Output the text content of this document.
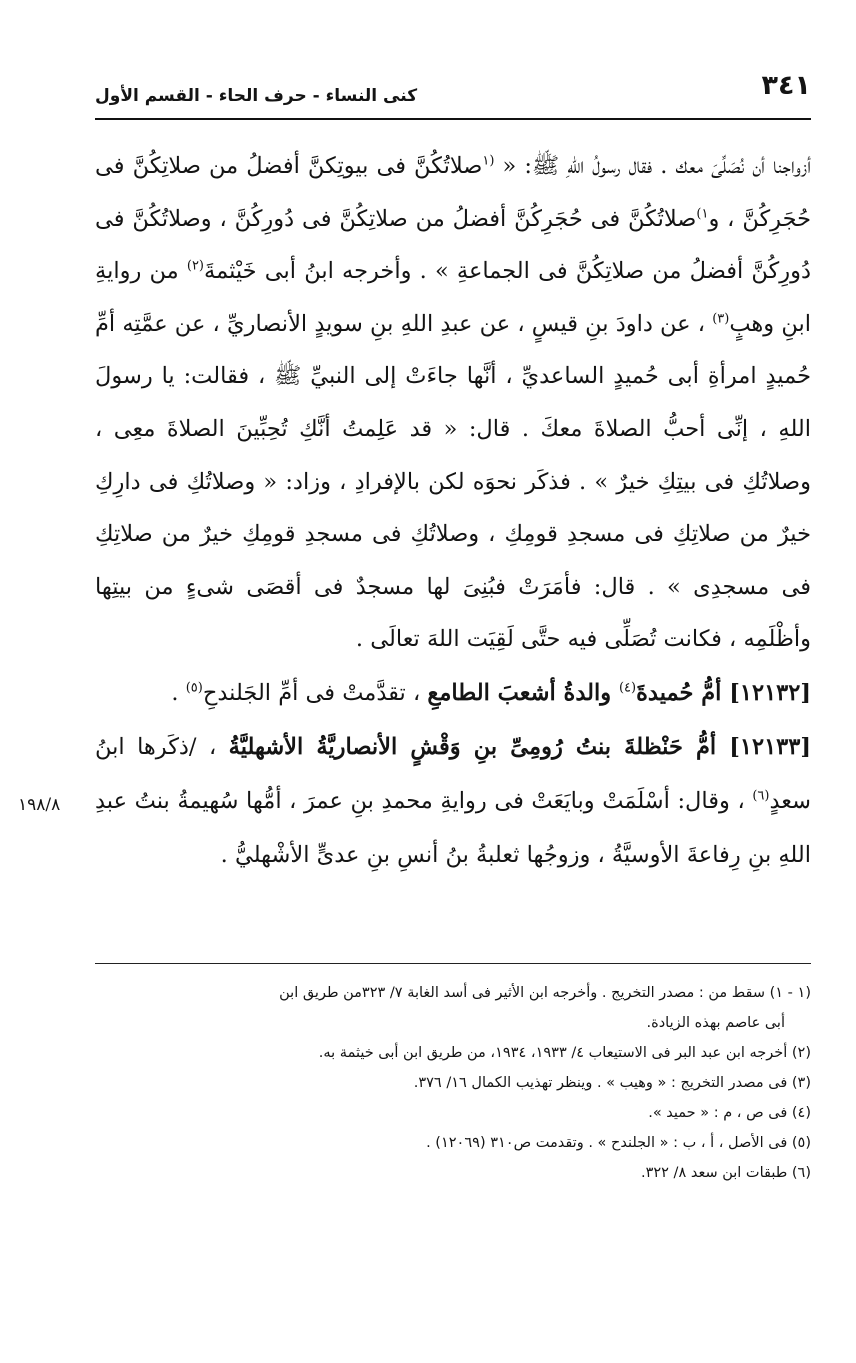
٣٤١
كنى النساء - حرف الحاء - القسم الأول

أزواجنا أن نُصَلِّىَ معك . فقال رسولُ اللهِ ﷺ: « $^{(١}$صلاتُكُنَّ فى بيوتِكنَّ أفضلُ من صلاتِكُنَّ فى حُجَرِكُنَّ ، و$^{١)}$صلاتُكُنَّ فى حُجَرِكُنَّ أفضلُ من صلاتِكُنَّ فى دُورِكُنَّ ، وصلاتُكُنَّ فى دُورِكُنَّ أفضلُ من صلاتِكُنَّ فى الجماعةِ » . وأخرجه ابنُ أبى خَيْثمةَ$^{(٢)}$ من روايةِ ابنِ وهبٍ$^{(٣)}$ ، عن داودَ بنِ قيسٍ ، عن عبدِ اللهِ بنِ سويدٍ الأنصاريِّ ، عن عمَّتِه أمِّ حُميدٍ امرأةِ أبى حُميدٍ الساعديِّ ، أنَّها جاءَتْ إلى النبيِّ ﷺ ، فقالت: يا رسولَ اللهِ ، إنِّى أحبُّ الصلاةَ معكَ . قال: « قد عَلِمتُ أنَّكِ تُحِبِّينَ الصلاةَ معِى ، وصلاتُكِ فى بيتِكِ خيرٌ » . فذكَر نحوَه لكن بالإفرادِ ، وزاد: « وصلاتُكِ فى دارِكِ خيرٌ من صلاتِكِ فى مسجدِ قومِكِ ، وصلاتُكِ فى مسجدِ قومِكِ خيرٌ من صلاتِكِ فى مسجدِى » . قال: فأمَرَتْ فبُنِىَ لها مسجدٌ فى أقصَى شىءٍ من بيتِها وأظْلَمِه ، فكانت تُصَلِّى فيه حتَّى لَقِيَت اللهَ تعالَى .

[١٢١٣٢] أمُّ حُميدةَ$^{(٤)}$ والدةُ أشعبَ الطامعِ ، تقدَّمتْ فى أمِّ الجَلندحِ$^{(٥)}$ .

[١٢١٣٣] أمُّ حَنْظلةَ بنتُ رُومِىِّ بنِ وَقْشٍ الأنصاريَّةُ الأشهليَّةُ ، /ذكَرها ابنُ سعدٍ$^{(٦)}$ ، وقال: أسْلَمَتْ وبايَعَتْ فى روايةِ محمدِ بنِ عمرَ ، أمُّها سُهيمةُ بنتُ عبدِ اللهِ بنِ رِفاعةَ الأوسيَّةُ ، وزوجُها ثعلبةُ بنُ أنسِ بنِ عدىٍّ الأشْهليُّ .

١٩٨/٨

(١ - ١) سقط من : مصدر التخريج . وأخرجه ابن الأثير فى أسد الغابة ٧/ ٣٢٣من طريق ابن

أبى عاصم بهذه الزيادة.

(٢) أخرجه ابن عبد البر فى الاستيعاب ٤/ ١٩٣٣، ١٩٣٤، من طريق ابن أبى خيثمة به.

(٣) فى مصدر التخريج : « وهيب » . وينظر تهذيب الكمال ١٦/ ٣٧٦.

(٤) فى ص ، م : « حميد ».

(٥) فى الأصل ، أ ، ب : « الجلندح » . وتقدمت ص٣١٠ (١٢٠٦٩) .

(٦) طبقات ابن سعد ٨/ ٣٢٢.
